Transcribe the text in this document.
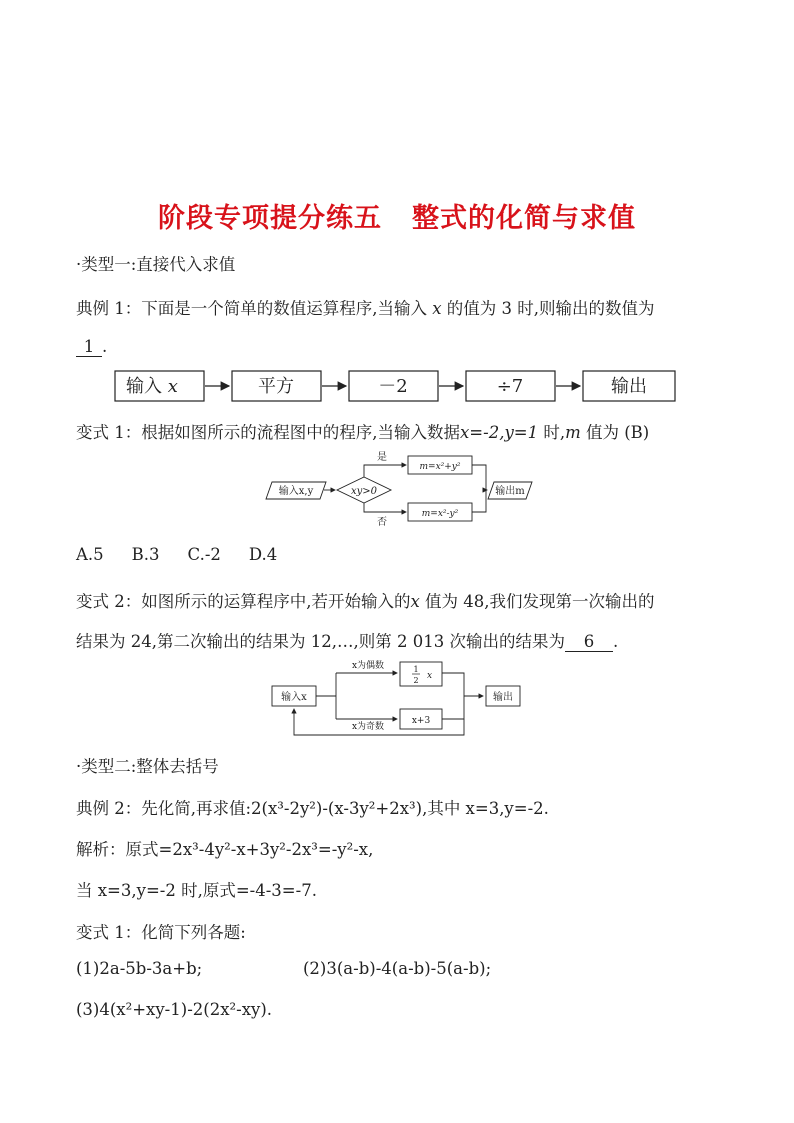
阶段专项提分练五 整式的化简与求值
·类型一:直接代入求值
典例 1：下面是一个简单的数值运算程序,当输入 x 的值为 3 时,则输出的数值为
1 .
输入 x	平方	－2	÷7	输出
变式 1：根据如图所示的流程图中的程序,当输入数据x=-2,y=1 时,m 值为 (B)
输入x,y	xy>0
是
否
m=x²+y²
m=x²-y²
输出m
A.5 B.3 C.-2 D.4
变式 2：如图所示的运算程序中,若开始输入的x 值为 48,我们发现第一次输出的
结果为 24,第二次输出的结果为 12,…,则第 2 013 次输出的结果为 6 .
输入x
x为偶数	1
2 x
x+3
输出
x为奇数
·类型二:整体去括号
典例 2：先化简,再求值:2(x³-2y²)-(x-3y²+2x³),其中 x=3,y=-2.
解析：原式=2x³-4y²-x+3y²-2x³=-y²-x,
当 x=3,y=-2 时,原式=-4-3=-7.
变式 1：化简下列各题:
(1)2a-5b-3a+b;	(2)3(a-b)-4(a-b)-5(a-b);
(3)4(x²+xy-1)-2(2x²-xy).
